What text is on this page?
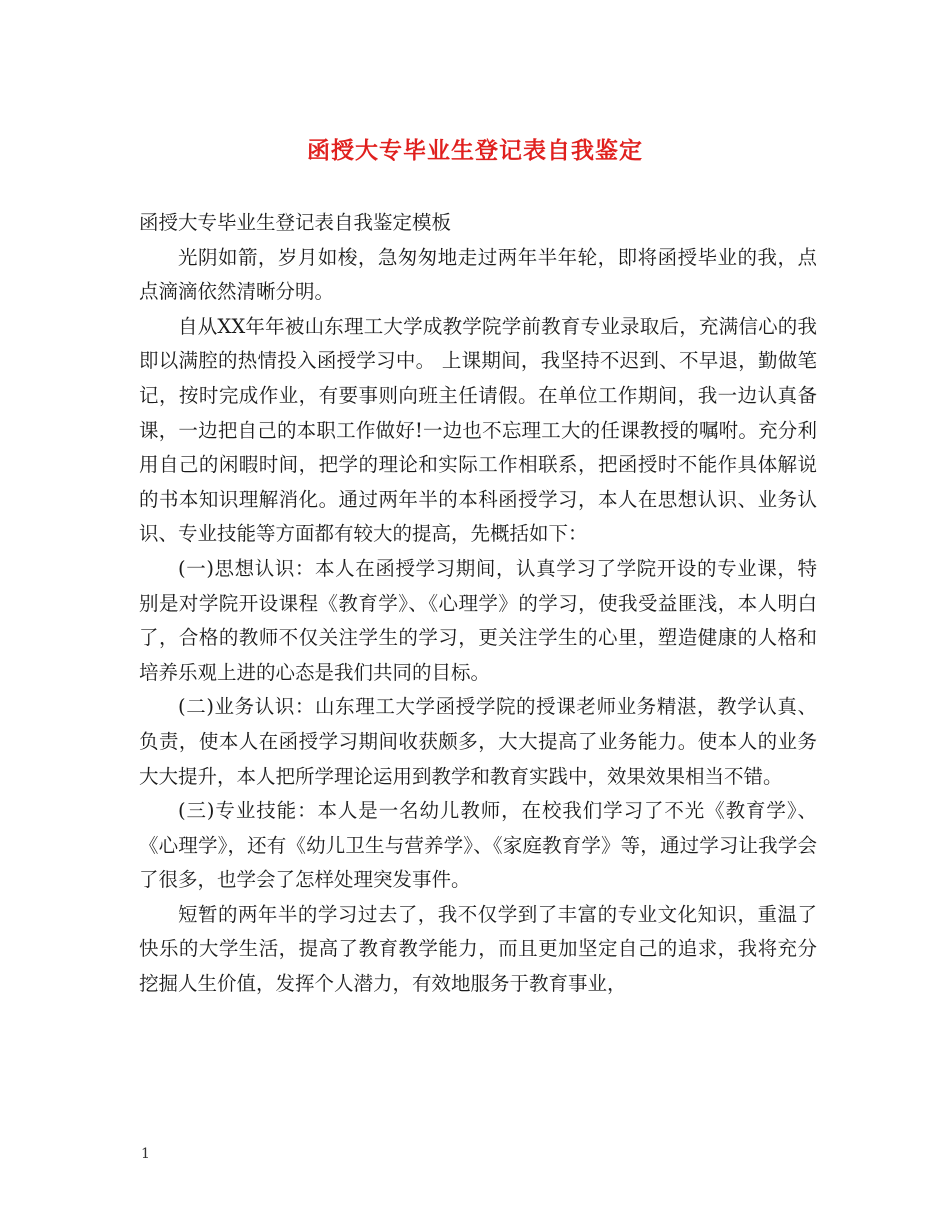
函授大专毕业生登记表自我鉴定

函授大专毕业生登记表自我鉴定模板

光阴如箭，岁月如梭，急匆匆地走过两年半年轮，即将函授毕业的我，点点滴滴依然清晰分明。

自从XX年年被山东理工大学成教学院学前教育专业录取后，充满信心的我即以满腔的热情投入函授学习中。 上课期间，我坚持不迟到、不早退，勤做笔记，按时完成作业，有要事则向班主任请假。在单位工作期间，我一边认真备课，一边把自己的本职工作做好!一边也不忘理工大的任课教授的嘱咐。充分利用自己的闲暇时间，把学的理论和实际工作相联系，把函授时不能作具体解说的书本知识理解消化。通过两年半的本科函授学习，本人在思想认识、业务认识、专业技能等方面都有较大的提高，先概括如下：

(一)思想认识：本人在函授学习期间，认真学习了学院开设的专业课，特别是对学院开设课程《教育学》、《心理学》的学习，使我受益匪浅，本人明白了，合格的教师不仅关注学生的学习，更关注学生的心里，塑造健康的人格和培养乐观上进的心态是我们共同的目标。

(二)业务认识：山东理工大学函授学院的授课老师业务精湛，教学认真、负责，使本人在函授学习期间收获颇多，大大提高了业务能力。使本人的业务大大提升，本人把所学理论运用到教学和教育实践中，效果效果相当不错。

(三)专业技能：本人是一名幼儿教师，在校我们学习了不光《教育学》、《心理学》，还有《幼儿卫生与营养学》、《家庭教育学》等，通过学习让我学会了很多，也学会了怎样处理突发事件。

短暂的两年半的学习过去了，我不仅学到了丰富的专业文化知识，重温了快乐的大学生活，提高了教育教学能力，而且更加坚定自己的追求，我将充分挖掘人生价值，发挥个人潜力，有效地服务于教育事业，

1
